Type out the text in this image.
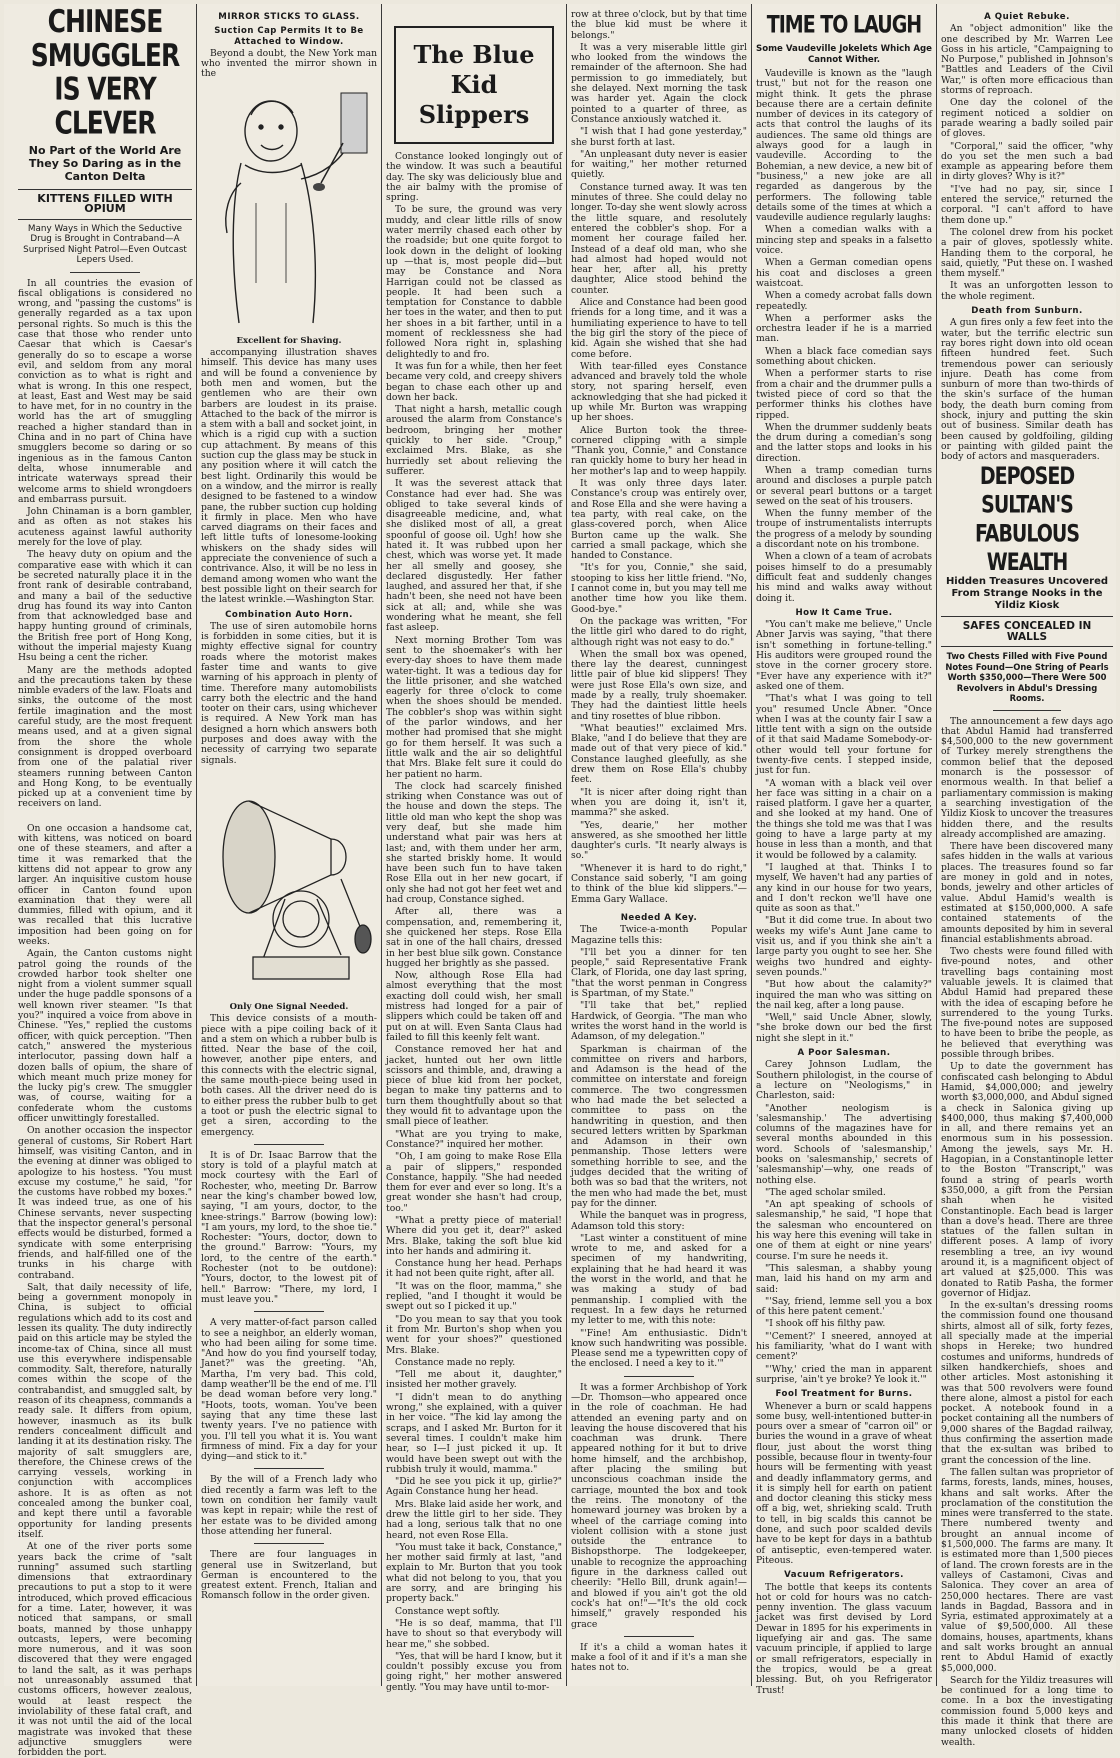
CHINESE SMUGGLER IS VERY CLEVER
No Part of the World Are They So Daring as in the Canton Delta
KITTENS FILLED WITH OPIUM
Many Ways in Which the Seductive Drug is Brought in Contraband—A Surprised Night Patrol—Even Outcast Lepers Used.

In all countries the evasion of fiscal obligations is considered no wrong, and "passing the customs" is generally regarded as a tax upon personal rights. So much is this the case that those who render unto Caesar that which is Caesar's generally do so to escape a worse evil, and seldom from any moral conviction as to what is right and what is wrong. In this one respect, at least, East and West may be said to have met, for in no country in the world has the art of smuggling reached a higher standard than in China and in no part of China have smugglers become so daring or so ingenious as in the famous Canton delta, whose innumerable and intricate waterways spread their welcome arms to shield wrongdoers and embarrass pursuit.

John Chinaman is a born gambler, and as often as not stakes his acuteness against lawful authority merely for the love of play.

The heavy duty on opium and the comparative ease with which it can be secreted naturally place it in the front rank of desirable contraband, and many a bail of the seductive drug has found its way into Canton from that acknowledged base and happy hunting ground of criminals, the British free port of Hong Kong, without the imperial majesty Kuang Hsu being a cent the richer.

Many are the methods adopted and the precautions taken by these nimble evaders of the law. Floats and sinks, the outcome of the most fertile imagination and the most careful study, are the most frequent means used, and at a given signal from the shore the whole consignment is dropped overboard from one of the palatial river steamers running between Canton and Hong Kong, to be eventually picked up at a convenient time by receivers on land.

On one occasion a handsome cat, with kittens, was noticed on board one of these steamers, and after a time it was remarked that the kittens did not appear to grow any larger. An inquisitive custom house officer in Canton found upon examination that they were all dummies, filled with opium, and it was recalled that this lucrative imposition had been going on for weeks.

Again, the Canton customs night patrol going the rounds of the crowded harbor took shelter one night from a violent summer squall under the huge paddle sponsons of a well known river steamer. "Is that you?" inquired a voice from above in Chinese. "Yes," replied the customs officer, with quick perception. "Then catch," answered the mysterious interlocutor, passing down half a dozen balls of opium, the share of which meant much prize money for the lucky pig's crew. The smuggler was, of course, waiting for a confederate whom the customs officer unwittingly forestalled.

On another occasion the inspector general of customs, Sir Robert Hart himself, was visiting Canton, and in the evening at dinner was obliged to apologize to his hostess. "You must excuse my costume," he said, "for the customs have robbed my boxes." It was indeed true, as one of his Chinese servants, never suspecting that the inspector general's personal effects would be disturbed, formed a syndicate with some enterprising friends, and half-filled one of the trunks in his charge with contraband.

Salt, that daily necessity of life, being a government monopoly in China, is subject to official regulations which add to its cost and lessen its quality. The duty indirectly paid on this article may be styled the income-tax of China, since all must use this everywhere indispensable commodity. Salt, therefore, naturally comes within the scope of the contrabandist, and smuggled salt, by reason of its cheapness, commands a ready sale. It differs from opium, however, inasmuch as its bulk renders concealment difficult and landing it at its destination risky. The majority of salt smugglers are, therefore, the Chinese crews of the carrying vessels, working in conjunction with accomplices ashore. It is as often as not concealed among the bunker coal, and kept there until a favorable opportunity for landing presents itself.

At one of the river ports some years back the crime of "salt running" assumed such startling dimensions that extraordinary precautions to put a stop to it were introduced, which proved efficacious for a time. Later, however, it was noticed that sampans, or small boats, manned by those unhappy outcasts, lepers, were becoming more numerous, and it was soon discovered that they were engaged to land the salt, as it was perhaps not unreasonably assumed that customs officers, however zealous, would at least respect the inviolability of these fatal craft, and it was not until the aid of the local magistrate was invoked that these adjunctive smugglers were forbidden the port.

MIRROR STICKS TO GLASS.
Suction Cap Permits It to Be Attached to Window.

Beyond a doubt, the New York man who invented the mirror shown in the

Excellent for Shaving.

accompanying illustration shaves himself. This device has many uses and will be found a convenience by both men and women, but the gentlemen who are their own barbers are loudest in its praise. Attached to the back of the mirror is a stem with a ball and socket joint, in which is a rigid cup with a suction cup attachment. By means of this suction cup the glass may be stuck in any position where it will catch the best light. Ordinarily this would be on a window, and the mirror is really designed to be fastened to a window pane, the rubber suction cup holding it firmly in place. Men who have carved diagrams on their faces and left little tufts of lonesome-looking whiskers on the shady sides will appreciate the convenience of such a contrivance. Also, it will be no less in demand among women who want the best possible light on their search for the latest wrinkle.—Washington Star.

Combination Auto Horn.

The use of siren automobile horns is forbidden in some cities, but it is mighty effective signal for country roads where the motorist makes faster time and wants to give warning of his approach in plenty of time. Therefore many automobilists carry both the electric and the hand tooter on their cars, using whichever is required. A New York man has designed a horn which answers both purposes and does away with the necessity of carrying two separate signals.

Only One Signal Needed.

This device consists of a mouth-piece with a pipe coiling back of it and a stem on which a rubber bulb is fitted. Near the base of the coil, however, another pipe enters, and this connects with the electric signal, the same mouth-piece being used in both cases. All the driver need do is to either press the rubber bulb to get a toot or push the electric signal to get a siren, according to the emergency.

It is of Dr. Isaac Barrow that the story is told of a playful match at mock courtesy with the Earl of Rochester, who, meeting Dr. Barrow near the king's chamber bowed low, saying, "I am yours, doctor, to the knee-strings." Barrow (bowing low): "I am yours, my lord, to the shoe tie." Rochester: "Yours, doctor, down to the ground." Barrow: "Yours, my lord, to the centre of the earth." Rochester (not to be outdone): "Yours, doctor, to the lowest pit of hell." Barrow: "There, my lord, I must leave you."

A very matter-of-fact parson called to see a neighbor, an elderly woman, who had been ailing for some time. "And how do you find yourself today, Janet?" was the greeting. "Ah, Martha, I'm very bad. This cold, damp weather'll be the end of me. I'll be dead woman before very long." "Hoots, toots, woman. You've been saying that any time these last twenty years. I've no patience with you. I'll tell you what it is. You want firmness of mind. Fix a day for your dying—and stick to it."

By the will of a French lady who died recently a farm was left to the town on condition her family vault was kept in repair; while the rest of her estate was to be divided among those attending her funeral.

There are four languages in general use in Switzerland, but German is encountered to the greatest extent. French, Italian and Romansch follow in the order given.

The Blue Kid Slippers

Constance looked longingly out of the window. It was such a beautiful day. The sky was deliciously blue and the air balmy with the promise of spring.

To be sure, the ground was very muddy, and clear little rills of snow water merrily chased each other by the roadside; but one quite forgot to look down in the delight of looking up —that is, most people did—but may be Constance and Nora Harrigan could not be classed as people. It had been such a temptation for Constance to dabble her toes in the water, and then to put her shoes in a bit farther, until in a moment of recklessness she had followed Nora right in, splashing delightedly to and fro.

It was fun for a while, then her feet became very cold, and creepy shivers began to chase each other up and down her back.

That night a harsh, metallic cough aroused the alarm from Constance's bedroom, bringing her mother quickly to her side. "Croup," exclaimed Mrs. Blake, as she hurriedly set about relieving the sufferer.

It was the severest attack that Constance had ever had. She was obliged to take several kinds of disagreeable medicine, and, what she disliked most of all, a great spoonful of goose oil. Ugh! how she hated it. It was rubbed upon her chest, which was worse yet. It made her all smelly and goosey, she declared disgustedly. Her father laughed, and assured her that, if she hadn't been, she need not have been sick at all; and, while she was wondering what he meant, she fell fast asleep.

Next morning Brother Tom was sent to the shoemaker's with her every-day shoes to have them made water-tight. It was a tedious day for the little prisoner, and she watched eagerly for three o'clock to come when the shoes should be mended. The cobbler's shop was within sight of the parlor windows, and her mother had promised that she might go for them herself. It was such a little walk and the air so delightful that Mrs. Blake felt sure it could do her patient no harm.

The clock had scarcely finished striking when Constance was out of the house and down the steps. The little old man who kept the shop was very deaf, but she made him understand what pair was hers at last; and, with them under her arm, she started briskly home. It would have been such fun to have taken Rose Ella out in her new gocart, if only she had not got her feet wet and had croup, Constance sighed.

After all, there was a compensation, and, remembering it, she quickened her steps. Rose Ella sat in one of the hall chairs, dressed in her best blue silk gown. Constance hugged her brightly as she passed.

Now, although Rose Ella had almost everything that the most exacting doll could wish, her small mistress had longed for a pair of slippers which could be taken off and put on at will. Even Santa Claus had failed to fill this keenly felt want.

Constance removed her hat and jacket, hunted out her own little scissors and thimble, and, drawing a piece of blue kid from her pocket, began to make tiny patterns and to turn them thoughtfully about so that they would fit to advantage upon the small piece of leather.

"What are you trying to make, Constance?" inquired her mother.

"Oh, I am going to make Rose Ella a pair of slippers," responded Constance, happily. "She had needed them for ever and ever so long. It's a great wonder she hasn't had croup, too."

"What a pretty piece of material! Where did you get it, dear?" asked Mrs. Blake, taking the soft blue kid into her hands and admiring it.

Constance hung her head. Perhaps it had not been quite right, after all.

"It was on the floor, mamma," she replied, "and I thought it would be swept out so I picked it up."

"Do you mean to say that you took it from Mr. Burton's shop when you went for your shoes?" questioned Mrs. Blake.

Constance made no reply.

"Tell me about it, daughter," insisted her mother gravely.

"I didn't mean to do anything wrong," she explained, with a quiver in her voice. "The kid lay among the scraps, and I asked Mr. Burton for it several times. I couldn't make him hear, so I—I just picked it up. It would have been swept out with the rubbish truly it would, mamma."

"Did he see you pick it up, girlie?" Again Constance hung her head.

Mrs. Blake laid aside her work, and drew the little girl to her side. They had a long, serious talk that no one heard, not even Rose Ella.

"You must take it back, Constance," her mother said firmly at last, "and explain to Mr. Burton that you took what did not belong to you, that you are sorry, and are bringing his property back."

Constance wept softly.

"He is so deaf, mamma, that I'll have to shout so that everybody will hear me," she sobbed.

"Yes, that will be hard I know, but it couldn't possibly excuse you from going right," her mother answered gently. "You may have until to-mor-

row at three o'clock, but by that time the blue kid must be where it belongs."

It was a very miserable little girl who looked from the windows the remainder of the afternoon. She had permission to go immediately, but she delayed. Next morning the task was harder yet. Again the clock pointed to a quarter of three, as Constance anxiously watched it.

"I wish that I had gone yesterday," she burst forth at last.

"An unpleasant duty never is easier for waiting," her mother returned quietly.

Constance turned away. It was ten minutes of three. She could delay no longer. To-day she went slowly across the little square, and resolutely entered the cobbler's shop. For a moment her courage failed her. Instead of a deaf old man, who she had almost had hoped would not hear her, after all, his pretty daughter, Alice stood behind the counter.

Alice and Constance had been good friends for a long time, and it was a humiliating experience to have to tell the big girl the story of the piece of kid. Again she wished that she had come before.

With tear-filled eyes Constance advanced and bravely told the whole story, not sparing herself, even acknowledging that she had picked it up while Mr. Burton was wrapping up her shoes.

Alice Burton took the three-cornered clipping with a simple "Thank you, Connie," and Constance ran quickly home to bury her head in her mother's lap and to weep happily.

It was only three days later. Constance's croup was entirely over, and Rose Ella and she were having a tea party, with real cake, on the glass-covered porch, when Alice Burton came up the walk. She carried a small package, which she handed to Constance.

"It's for you, Connie," she said, stooping to kiss her little friend. "No, I cannot come in, but you may tell me another time how you like them. Good-bye."

On the package was written, "For the little girl who dared to do right, although right was not easy to do."

When the small box was opened, there lay the dearest, cunningest little pair of blue kid slippers! They were just Rose Ella's own size, and made by a really, truly shoemaker. They had the daintiest little heels and tiny rosettes of blue ribbon.

"What beauties!" exclaimed Mrs. Blake, "and I do believe that they are made out of that very piece of kid." Constance laughed gleefully, as she drew them on Rose Ella's chubby feet.

"It is nicer after doing right than when you are doing it, isn't it, mamma?" she asked.

"Yes, dearie," her mother answered, as she smoothed her little daughter's curls. "It nearly always is so."

"Whenever it is hard to do right," Constance said soberly, "I am going to think of the blue kid slippers."—Emma Gary Wallace.

Needed A Key.

The Twice-a-month Popular Magazine tells this:

"I'll bet you a dinner for ten people," said Representative Frank Clark, of Florida, one day last spring, "that the worst penman in Congress is Spartman, of my State."

"I'll take that bet," replied Hardwick, of Georgia. "The man who writes the worst hand in the world is Adamson, of my delegation."

Sparkman is chairman of the committee on rivers and harbors, and Adamson is the head of the committee on interstate and foreign commerce. The two congressmen who had made the bet selected a committee to pass on the handwriting in question, and then secured letters written by Sparkman and Adamson in their own penmanship. Those letters were something horrible to see, and the judges decided that the writing of both was so bad that the writers, not the men who had made the bet, must pay for the dinner.

While the banquet was in progress, Adamson told this story:

"Last winter a constituent of mine wrote to me, and asked for a specimen of my handwriting, explaining that he had heard it was the worst in the world, and that he was making a study of bad penmanship. I complied with the request. In a few days he returned my letter to me, with this note:

"'Fine! Am enthusiastic. Didn't know such handwriting was possible. Please send me a typewritten copy of the enclosed. I need a key to it.'"

It was a former Archbishop of York —Dr. Thomson—who appeared once in the role of coachman. He had attended an evening party and on leaving the house discovered that his coachman was drunk. There appeared nothing for it but to drive home himself, and the archbishop, after placing the smiling but unconscious coachman inside the carriage, mounted the box and took the reins. The monotony of the homeward journey was broken by a wheel of the carriage coming into violent collision with a stone just outside the entrance to Bishopsthorpe. The lodgekeeper, unable to recognize the approaching figure in the darkness called out cheerily: "Hello Bill, drunk again!— and blowed if you ain't got the old cock's hat on!"—"It's the old cock himself," gravely responded his grace

If it's a child a woman hates it make a fool of it and if it's a man she hates not to.

TIME TO LAUGH
Some Vaudeville Jokelets Which Age Cannot Wither.

Vaudeville is known as the "laugh trust," but not for the reason one might think. It gets the phrase because there are a certain definite number of devices in its category of acts that control the laughs of its audiences. The same old things are always good for a laugh in vaudeville. According to the Bohemian, a new device, a new bit of "business," a new joke are all regarded as dangerous by the performers. The following table details some of the times at which a vaudeville audience regularly laughs:

When a comedian walks with a mincing step and speaks in a falsetto voice.

When a German comedian opens his coat and discloses a green waistcoat.

When a comedy acrobat falls down repeatedly.

When a performer asks the orchestra leader if he is a married man.

When a black face comedian says something about chicken.

When a performer starts to rise from a chair and the drummer pulls a twisted piece of cord so that the performer thinks his clothes have ripped.

When the drummer suddenly beats the drum during a comedian's song and the latter stops and looks in his direction.

When a tramp comedian turns around and discloses a purple patch or several pearl buttons or a target sewed on the seat of his trousers.

When the funny member of the troupe of instrumentalists interrupts the progress of a melody by sounding a discordant note on his trombone.

When a clown of a team of acrobats poises himself to do a presumably difficult feat and suddenly changes his mind and walks away without doing it.

How It Came True.

"You can't make me believe," Uncle Abner Jarvis was saying, "that there isn't something in fortune-telling." His auditors were grouped round the stove in the corner grocery store. "Ever have any experience with it?" asked one of them.

"That's what I was going to tell you" resumed Uncle Abner. "Once when I was at the county fair I saw a little tent with a sign on the outside of it that said Madame Somebody-or-other would tell your fortune for twenty-five cents. I stepped inside, just for fun.

"A woman with a black veil over her face was sitting in a chair on a raised platform. I gave her a quarter, and she looked at my hand. One of the things she told me was that I was going to have a large party at my house in less than a month, and that it would be followed by a calamity.

"I laughed at that. Thinks I to myself, We haven't had any parties of any kind in our house for two years, and I don't reckon we'll have one quite as soon as that."

"But it did come true. In about two weeks my wife's Aunt Jane came to visit us, and if you think she ain't a large party you ought to see her. She weighs two hundred and eighty-seven pounds."

"But how about the calamity?" inquired the man who was sitting on the nail keg, after a long pause.

"Well," said Uncle Abner, slowly, "she broke down our bed the first night she slept in it."

A Poor Salesman.

Carey Johnson Ludlam, the Southern philologist, in the course of a lecture on "Neologisms," in Charleston, said:

"Another neologism is 'salesmanship.' The advertising columns of the magazines have for several months abounded in this word. Schools of 'salesmanship,' books on 'salesmanship,' secrets of 'salesmanship'—why, one reads of nothing else.

"The aged scholar smiled.

"An apt speaking of schools of salesmanship," he said, "I hope that the salesman who encountered on his way here this evening will take in one of them at eight or nine years' course. I'm sure he needs it.

"This salesman, a shabby young man, laid his hand on my arm and said:

"'Say, friend, lemme sell you a box of this here patent cement.'

"I shook off his filthy paw.

"'Cement?' I sneered, annoyed at his familiarity, 'what do I want with cement?'

"'Why,' cried the man in apparent surprise, 'ain't ye broke? Ye look it.'"

Fool Treatment for Burns.

Whenever a burn or scald happens some busy, well-intentioned butter-in pours over a smear of "carron oil" or buries the wound in a grave of wheat flour, just about the worst thing possible, because flour in twenty-four hours will be fermenting with yeast and deadly inflammatory germs, and it is simply hell for earth on patient and doctor cleaning this sticky mess off a big, wet, shrieking scald. Truth to tell, in big scalds this cannot be done, and such poor scalded devils have to be kept for days in a bathtub of antiseptic, even-tempered water. Piteous.

Vacuum Refrigerators.

The bottle that keeps its contents hot or cold for hours was no catch-penny invention. The glass vacuum jacket was first devised by Lord Dewar in 1895 for his experiments in liquefying air and gas. The same vacuum principle, if applied to large or small refrigerators, especially in the tropics, would be a great blessing. But, oh you Refrigerator Trust!

A Quiet Rebuke.

An "object admonition" like the one described by Mr. Warren Lee Goss in his article, "Campaigning to No Purpose," published in Johnson's "Battles and Leaders of the Civil War," is often more efficacious than storms of reproach.

One day the colonel of the regiment noticed a soldier on parade wearing a badly soiled pair of gloves.

"Corporal," said the officer, "why do you set the men such a bad example as appearing before them in dirty gloves? Why is it?"

"I've had no pay, sir, since I entered the service," returned the corporal. "I can't afford to have them done up."

The colonel drew from his pocket a pair of gloves, spotlessly white. Handing them to the corporal, he said, quietly, "Put these on. I washed them myself."

It was an unforgotten lesson to the whole regiment.

Death from Sunburn.

A gun fires only a few feet into the water, but the terrific electric sun ray bores right down into old ocean fifteen hundred feet. Such tremendous power can seriously injure. Death has come from sunburn of more than two-thirds of the skin's surface of the human body, the death burn coming from shock, injury and putting the skin out of business. Similar death has been caused by goldfoiling, gilding or painting with gilded paint the body of actors and masqueraders.

DEPOSED SULTAN'S FABULOUS WEALTH
Hidden Treasures Uncovered From Strange Nooks in the Yildiz Kiosk
SAFES CONCEALED IN WALLS
Two Chests Filled with Five Pound Notes Found—One String of Pearls Worth $350,000—There Were 500 Revolvers in Abdul's Dressing Rooms.

The announcement a few days ago that Abdul Hamid had transferred $4,500,000 to the new government of Turkey merely strengthens the common belief that the deposed monarch is the possessor of enormous wealth. In that belief a parliamentary commission is making a searching investigation of the Yildiz Kiosk to uncover the treasures hidden there, and the results already accomplished are amazing.

There have been discovered many safes hidden in the walls at various places. The treasures found so far are money in gold and in notes, bonds, jewelry and other articles of value. Abdul Hamid's wealth is estimated at $150,000,000. A safe contained statements of the amounts deposited by him in several financial establishments abroad.

Two chests were found filled with five-pound notes, and other travelling bags containing most valuable jewels. It is claimed that Abdul Hamid had prepared these with the idea of escaping before he surrendered to the young Turks. The five-pound notes are supposed to have been to bribe the people, as he believed that everything was possible through bribes.

Up to date the government has confiscated cash belonging to Abdul Hamid, $4,000,000; and jewelry worth $3,000,000, and Abdul signed a check in Salonica giving up $400,000, thus making $7,400,000 in all, and there remains yet an enormous sum in his possession. Among the jewels, says Mr. H. Hagopian, in a Constantinople letter to the Boston "Transcript," was found a string of pearls worth $350,000, a gift from the Persian shah when he visited Constantinople. Each bead is larger than a dove's head. There are three statues of the fallen sultan in different poses. A lamp of ivory resembling a tree, an ivy wound around it, is a magnificent object of art valued at $25,000. This was donated to Ratib Pasha, the former governor of Hidjaz.

In the ex-sultan's dressing rooms the commission found one thousand shirts, almost all of silk, forty fezes, all specially made at the imperial shops in Hereke; two hundred costumes and uniforms, hundreds of silken handkerchiefs, shoes and other articles. Most astonishing it was that 500 revolvers were found there alone, almost a pistol for each pocket. A notebook found in a pocket containing all the numbers of 9,000 shares of the Bagdad railway, thus confirming the assertion made that the ex-sultan was bribed to grant the concession of the line.

The fallen sultan was proprietor of farms, forests, lands, mines, houses, khans and salt works. After the proclamation of the constitution the mines were transferred to the state. There numbered twenty and brought an annual income of $1,500,000. The farms are many. It is estimated more than 1,500 pieces of land. The crown forests are in the valleys of Castamoni, Civas and Salonica. They cover an area of 250,000 hectares. There are vast lands in Bagdad, Bassora and in Syria, estimated approximately at a value of $9,500,000. All these domains, houses, apartments, khans and salt works brought an annual rent to Abdul Hamid of exactly $5,000,000.

Search for the Yildiz treasures will be continued for a long time to come. In a box the investigating commission found 5,000 keys and this made it think that there are many unlocked closets of hidden wealth.
